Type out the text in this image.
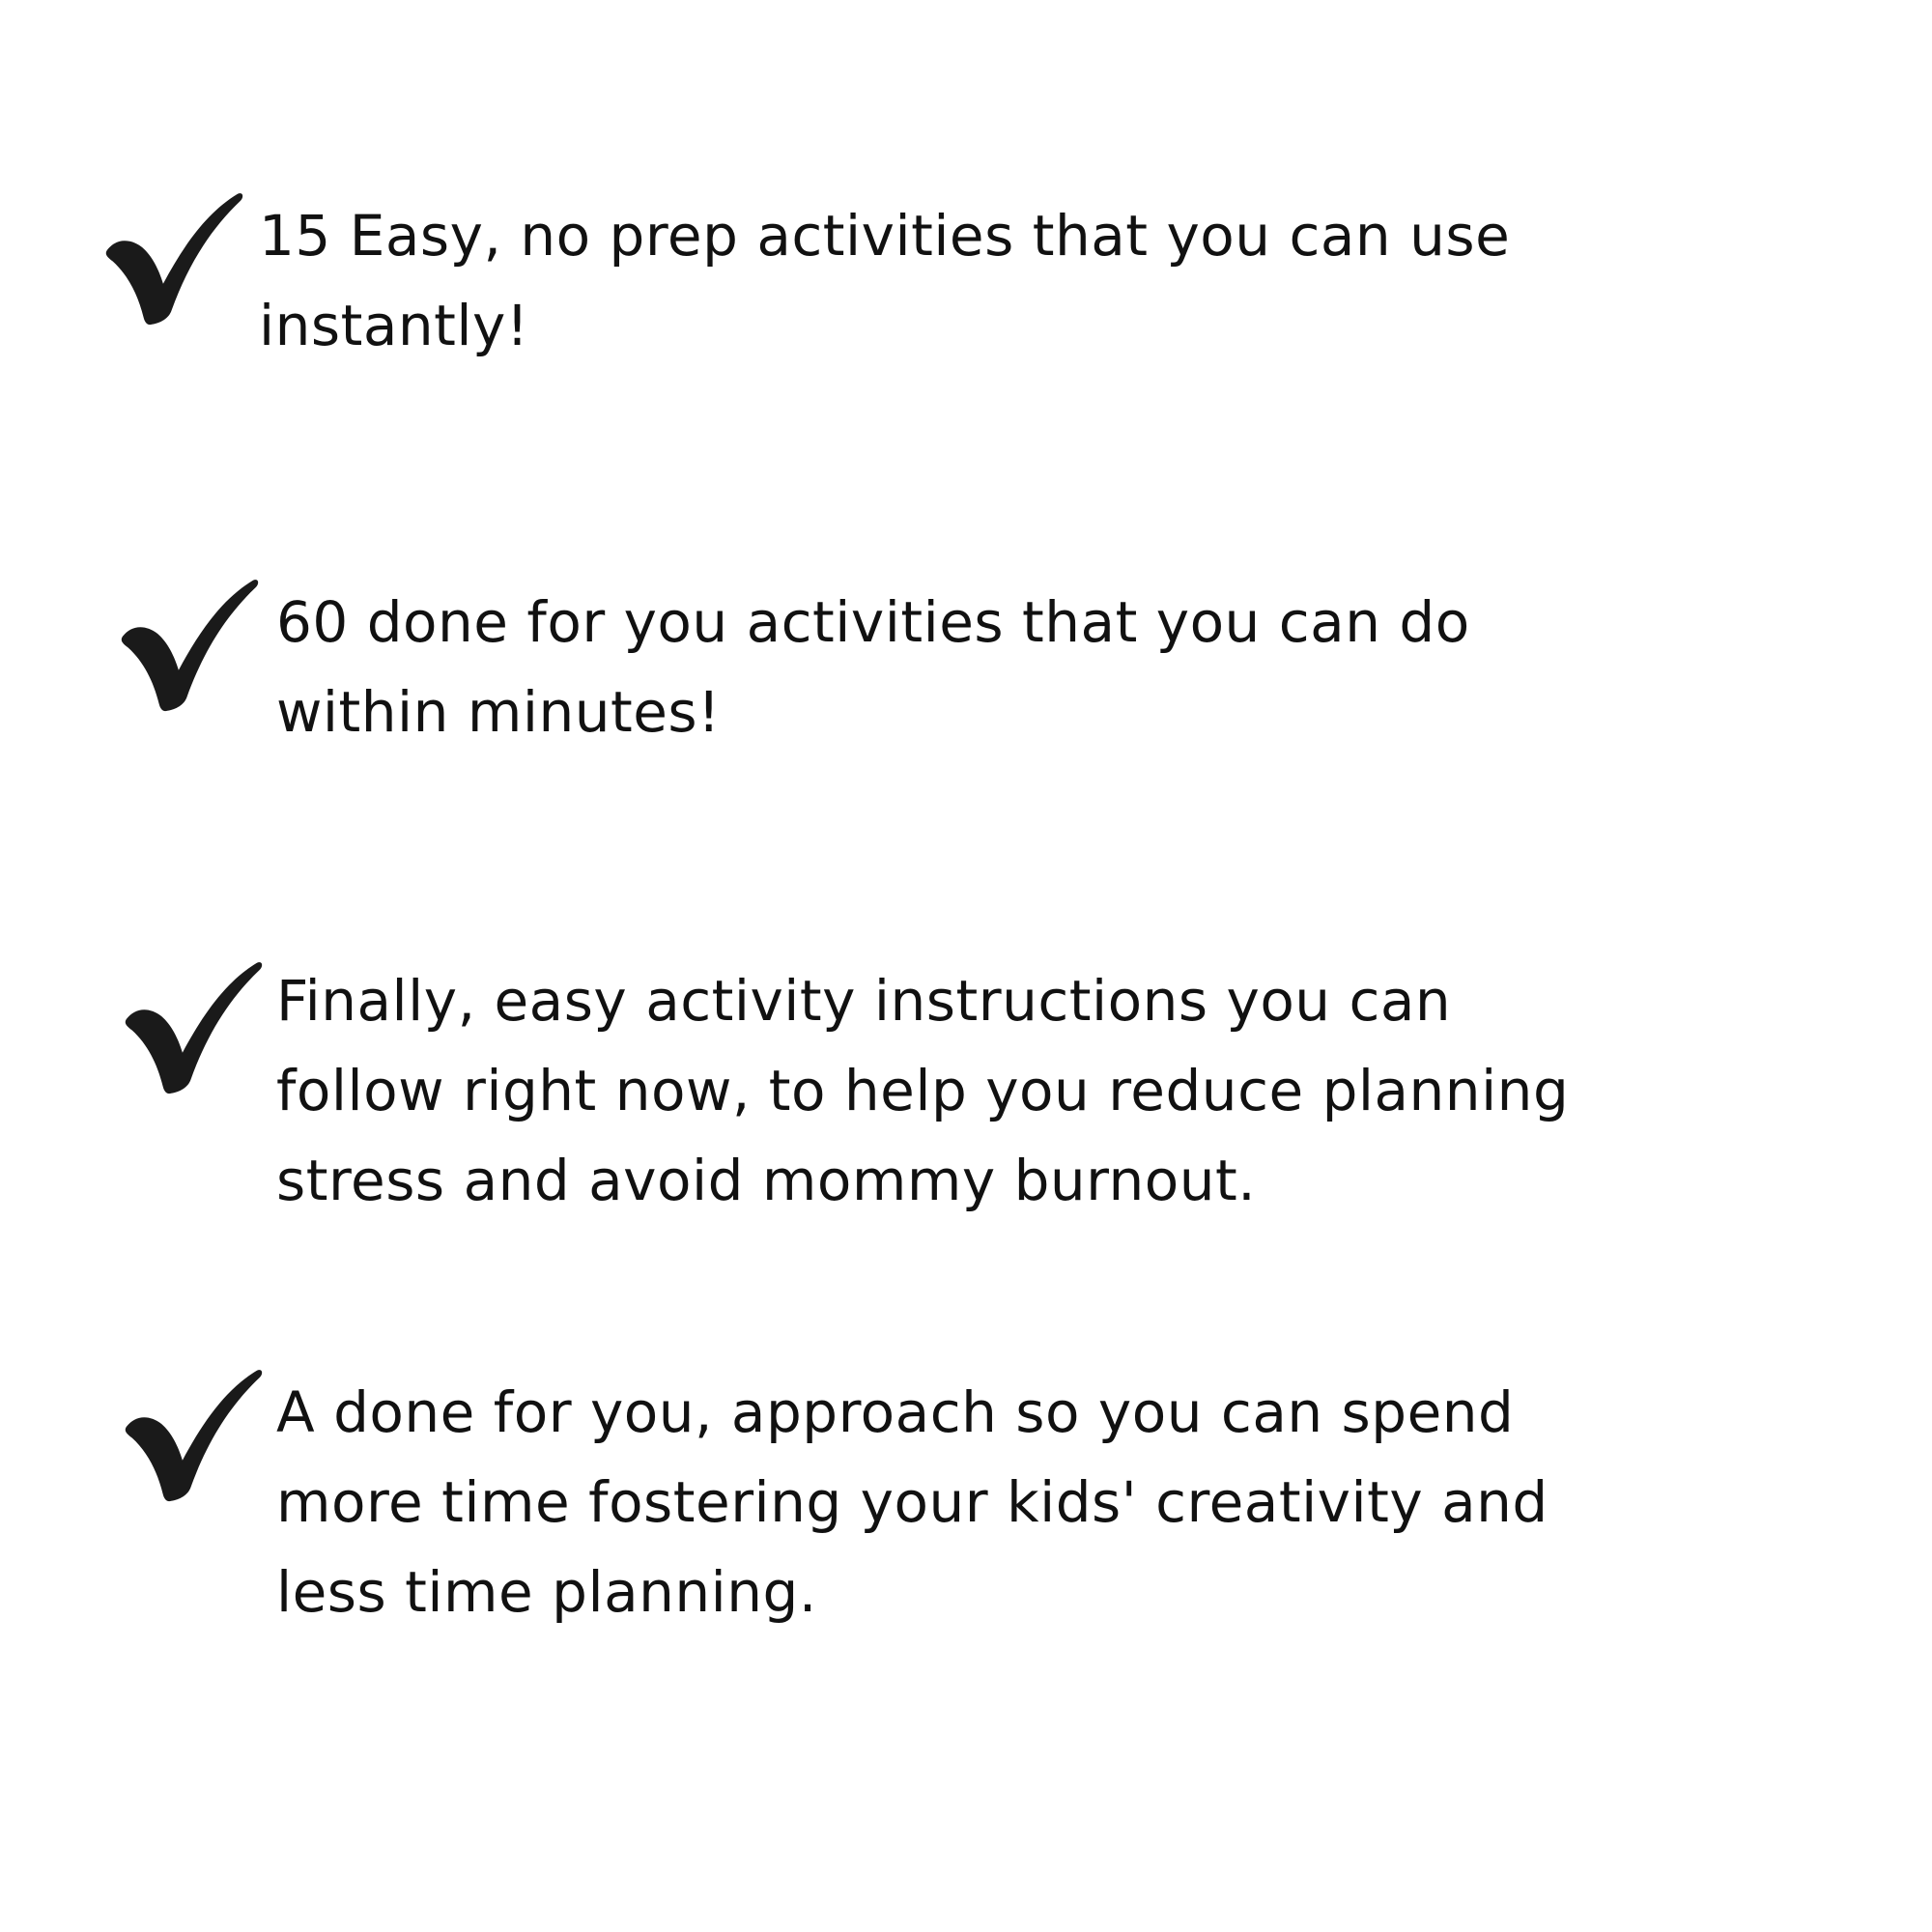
15 Easy, no prep activities that you can use
instantly!

60 done for you activities that you can do
within minutes!

Finally, easy activity instructions you can
follow right now, to help you reduce planning
stress and avoid mommy burnout.

A done for you, approach so you can spend
more time fostering your kids' creativity and
less time planning.
